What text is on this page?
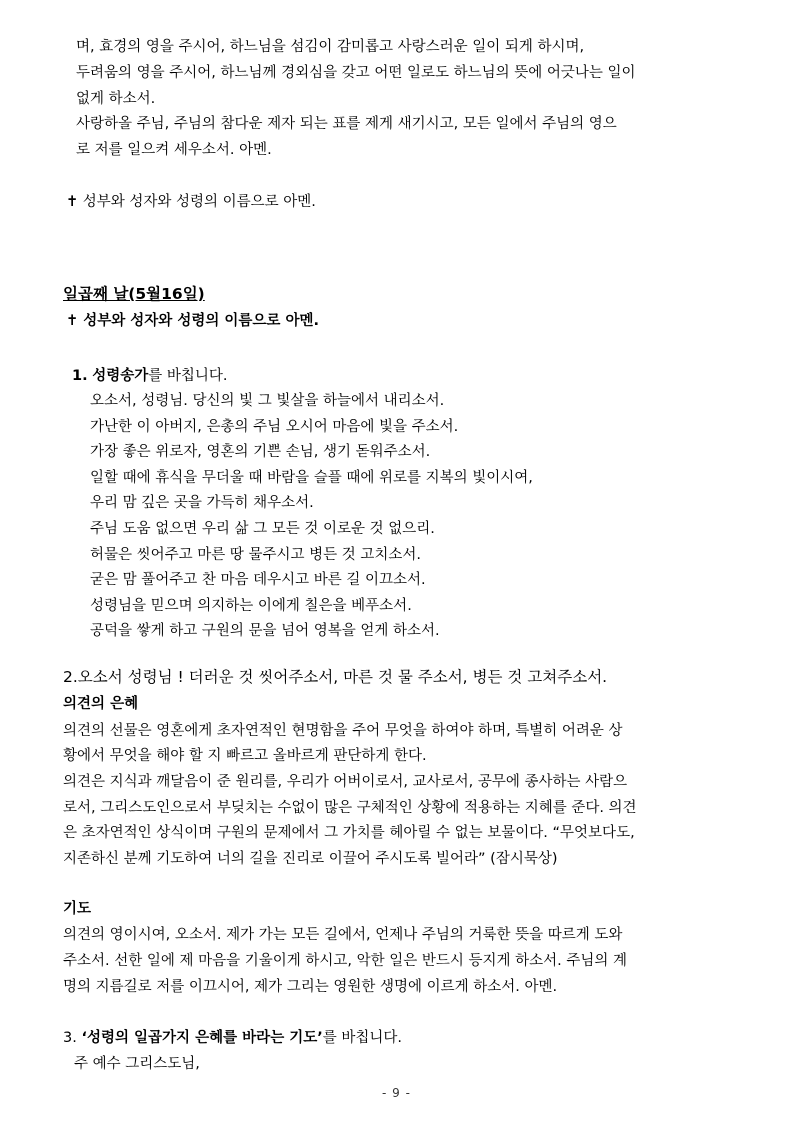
며, 효경의 영을 주시어, 하느님을 섬김이 감미롭고 사랑스러운 일이 되게 하시며,
두려움의 영을 주시어, 하느님께 경외심을 갖고 어떤 일로도 하느님의 뜻에 어긋나는 일이
없게 하소서.
사랑하올 주님, 주님의 참다운 제자 되는 표를 제게 새기시고, 모든 일에서 주님의 영으
로 저를 일으켜 세우소서. 아멘.
✝ 성부와 성자와 성령의 이름으로 아멘.
일곱째 날(5월16일)
✝ 성부와 성자와 성령의 이름으로 아멘.
1. 성령송가를 바칩니다.
오소서, 성령님. 당신의 빛 그 빛살을 하늘에서 내리소서.
가난한 이 아버지, 은총의 주님 오시어 마음에 빛을 주소서.
가장 좋은 위로자, 영혼의 기쁜 손님, 생기 돋워주소서.
일할 때에 휴식을 무더울 때 바람을 슬플 때에 위로를 지복의 빛이시여,
우리 맘 깊은 곳을 가득히 채우소서.
주님 도움 없으면 우리 삶 그 모든 것 이로운 것 없으리.
허물은 씻어주고 마른 땅 물주시고 병든 것 고치소서.
굳은 맘 풀어주고 찬 마음 데우시고 바른 길 이끄소서.
성령님을 믿으며 의지하는 이에게 칠은을 베푸소서.
공덕을 쌓게 하고 구원의 문을 넘어 영복을 얻게 하소서.
2.오소서 성령님 ! 더러운 것 씻어주소서, 마른 것 물 주소서, 병든 것 고쳐주소서.
의견의 은혜
의견의 선물은 영혼에게 초자연적인 현명함을 주어 무엇을 하여야 하며, 특별히 어려운 상
황에서 무엇을 해야 할 지 빠르고 올바르게 판단하게 한다.
의견은 지식과 깨달음이 준 원리를, 우리가 어버이로서, 교사로서, 공무에 종사하는 사람으
로서, 그리스도인으로서 부딪치는 수없이 많은 구체적인 상황에 적용하는 지혜를 준다. 의견
은 초자연적인 상식이며 구원의 문제에서 그 가치를 헤아릴 수 없는 보물이다. “무엇보다도,
지존하신 분께 기도하여 너의 길을 진리로 이끌어 주시도록 빌어라” (잠시묵상)
기도
의견의 영이시여, 오소서. 제가 가는 모든 길에서, 언제나 주님의 거룩한 뜻을 따르게 도와
주소서. 선한 일에 제 마음을 기울이게 하시고, 악한 일은 반드시 등지게 하소서. 주님의 계
명의 지름길로 저를 이끄시어, 제가 그리는 영원한 생명에 이르게 하소서. 아멘.
3. ‘성령의 일곱가지 은혜를 바라는 기도’를 바칩니다.
주 예수 그리스도님,
- 9 -
